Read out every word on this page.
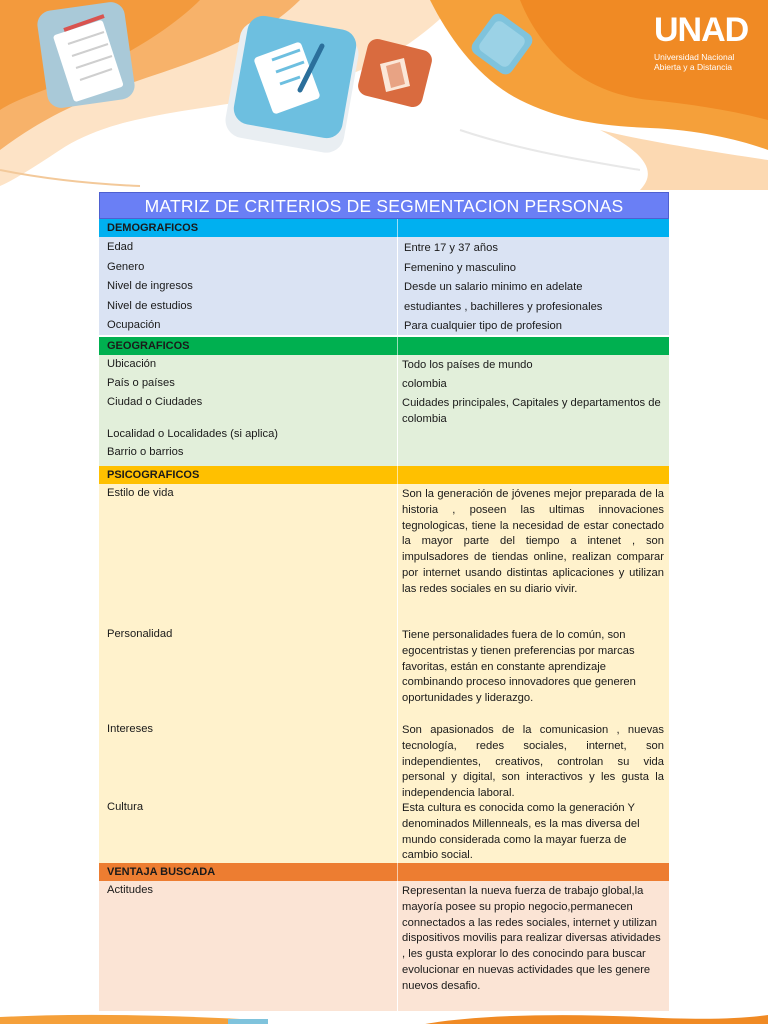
UNAD
Universidad Nacional
Abierta y a Distancia
MATRIZ DE CRITERIOS DE SEGMENTACION PERSONAS
DEMOGRAFICOS
Edad	Entre 17 y 37 años
Genero	Femenino y masculino
Nivel de ingresos	Desde un salario minimo en adelate
Nivel de estudios	estudiantes , bachilleres y profesionales
Ocupación	Para cualquier tipo de profesion
GEOGRAFICOS
Ubicación	Todo los países de mundo
País o países	colombia
Ciudad o Ciudades	Cuidades principales, Capitales y departamentos de colombia
Localidad o Localidades (si aplica)
Barrio o barrios
PSICOGRAFICOS
Estilo de vida	Son la generación de jóvenes mejor preparada de la historia , poseen las ultimas innovaciones tegnologicas, tiene la necesidad de estar conectado la mayor parte del tiempo a intenet , son impulsadores de tiendas online, realizan comparar por internet usando distintas aplicaciones y utilizan las redes sociales en su diario vivir.
Personalidad	Tiene personalidades fuera de lo común, son egocentristas y tienen preferencias por marcas favoritas, están en constante aprendizaje combinando proceso innovadores que generen oportunidades y liderazgo.
Intereses	Son apasionados de la comunicasion , nuevas tecnología, redes sociales, internet, son independientes, creativos, controlan su vida personal y digital, son interactivos y les gusta la independencia laboral.
Cultura	Esta cultura es conocida como la generación Y denominados Millenneals, es la mas diversa del mundo considerada como la mayar fuerza de cambio social.
VENTAJA BUSCADA
Actitudes	Representan la nueva fuerza de trabajo global,la mayoría posee su propio negocio,permanecen connectados a las redes sociales, internet y utilizan dispositivos movilis para realizar diversas atividades , les gusta explorar lo des conocindo para buscar evolucionar en nuevas actividades que les genere nuevos desafio.
